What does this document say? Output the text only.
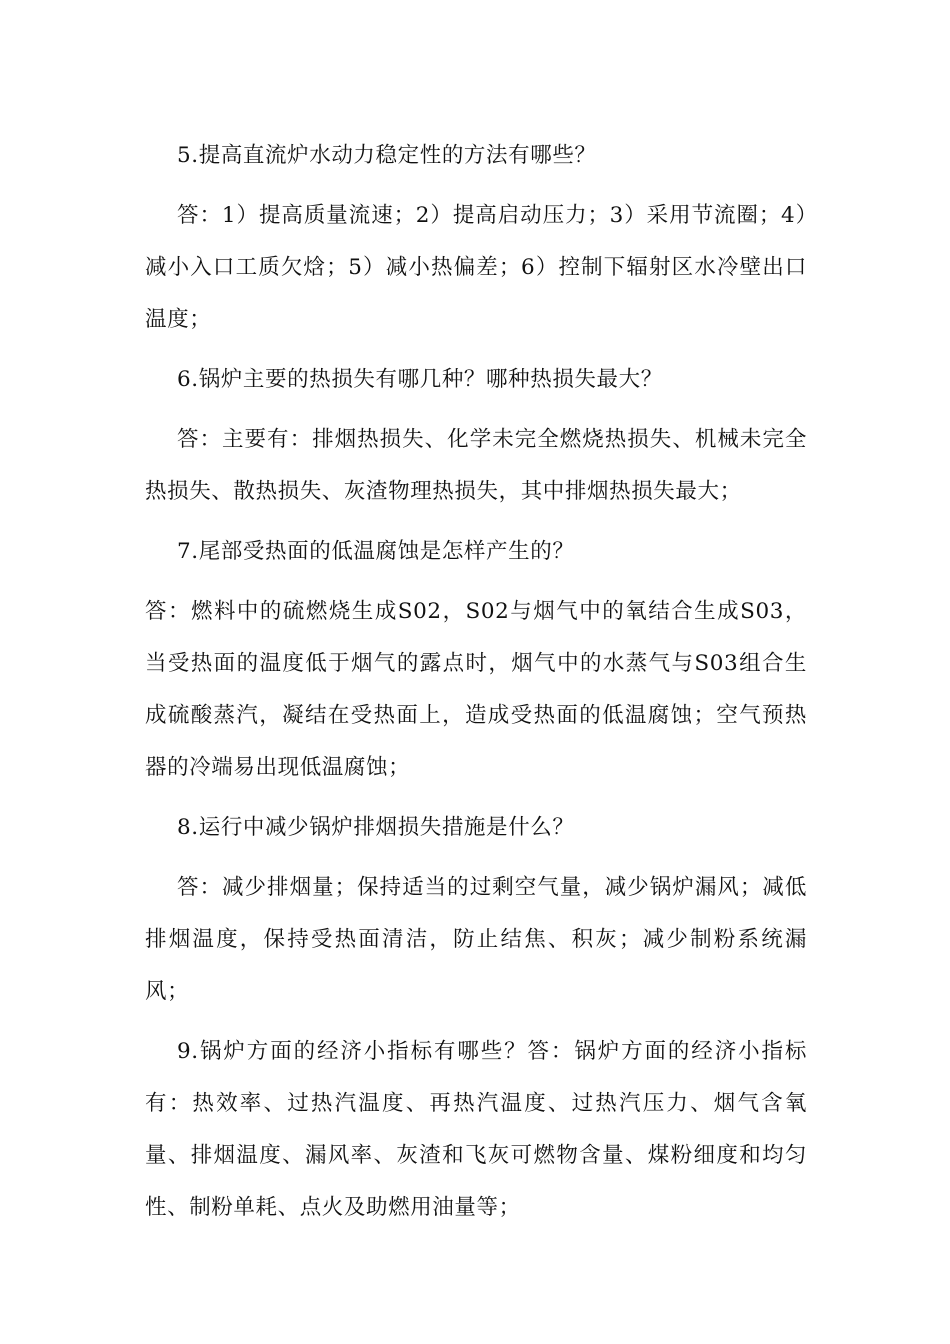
5.提高直流炉水动力稳定性的方法有哪些？

答：1）提高质量流速；2）提高启动压力；3）采用节流圈；4）减小入口工质欠焓；5）减小热偏差；6）控制下辐射区水冷壁出口温度；

6.锅炉主要的热损失有哪几种？哪种热损失最大？

答：主要有：排烟热损失、化学未完全燃烧热损失、机械未完全热损失、散热损失、灰渣物理热损失，其中排烟热损失最大；

7.尾部受热面的低温腐蚀是怎样产生的？

答：燃料中的硫燃烧生成S02，S02与烟气中的氧结合生成S03，当受热面的温度低于烟气的露点时，烟气中的水蒸气与S03组合生成硫酸蒸汽，凝结在受热面上，造成受热面的低温腐蚀；空气预热器的冷端易出现低温腐蚀；

8.运行中减少锅炉排烟损失措施是什么？

答：减少排烟量；保持适当的过剩空气量，减少锅炉漏风；减低排烟温度，保持受热面清洁，防止结焦、积灰；减少制粉系统漏风；

9.锅炉方面的经济小指标有哪些？答：锅炉方面的经济小指标有：热效率、过热汽温度、再热汽温度、过热汽压力、烟气含氧量、排烟温度、漏风率、灰渣和飞灰可燃物含量、煤粉细度和均匀性、制粉单耗、点火及助燃用油量等；
